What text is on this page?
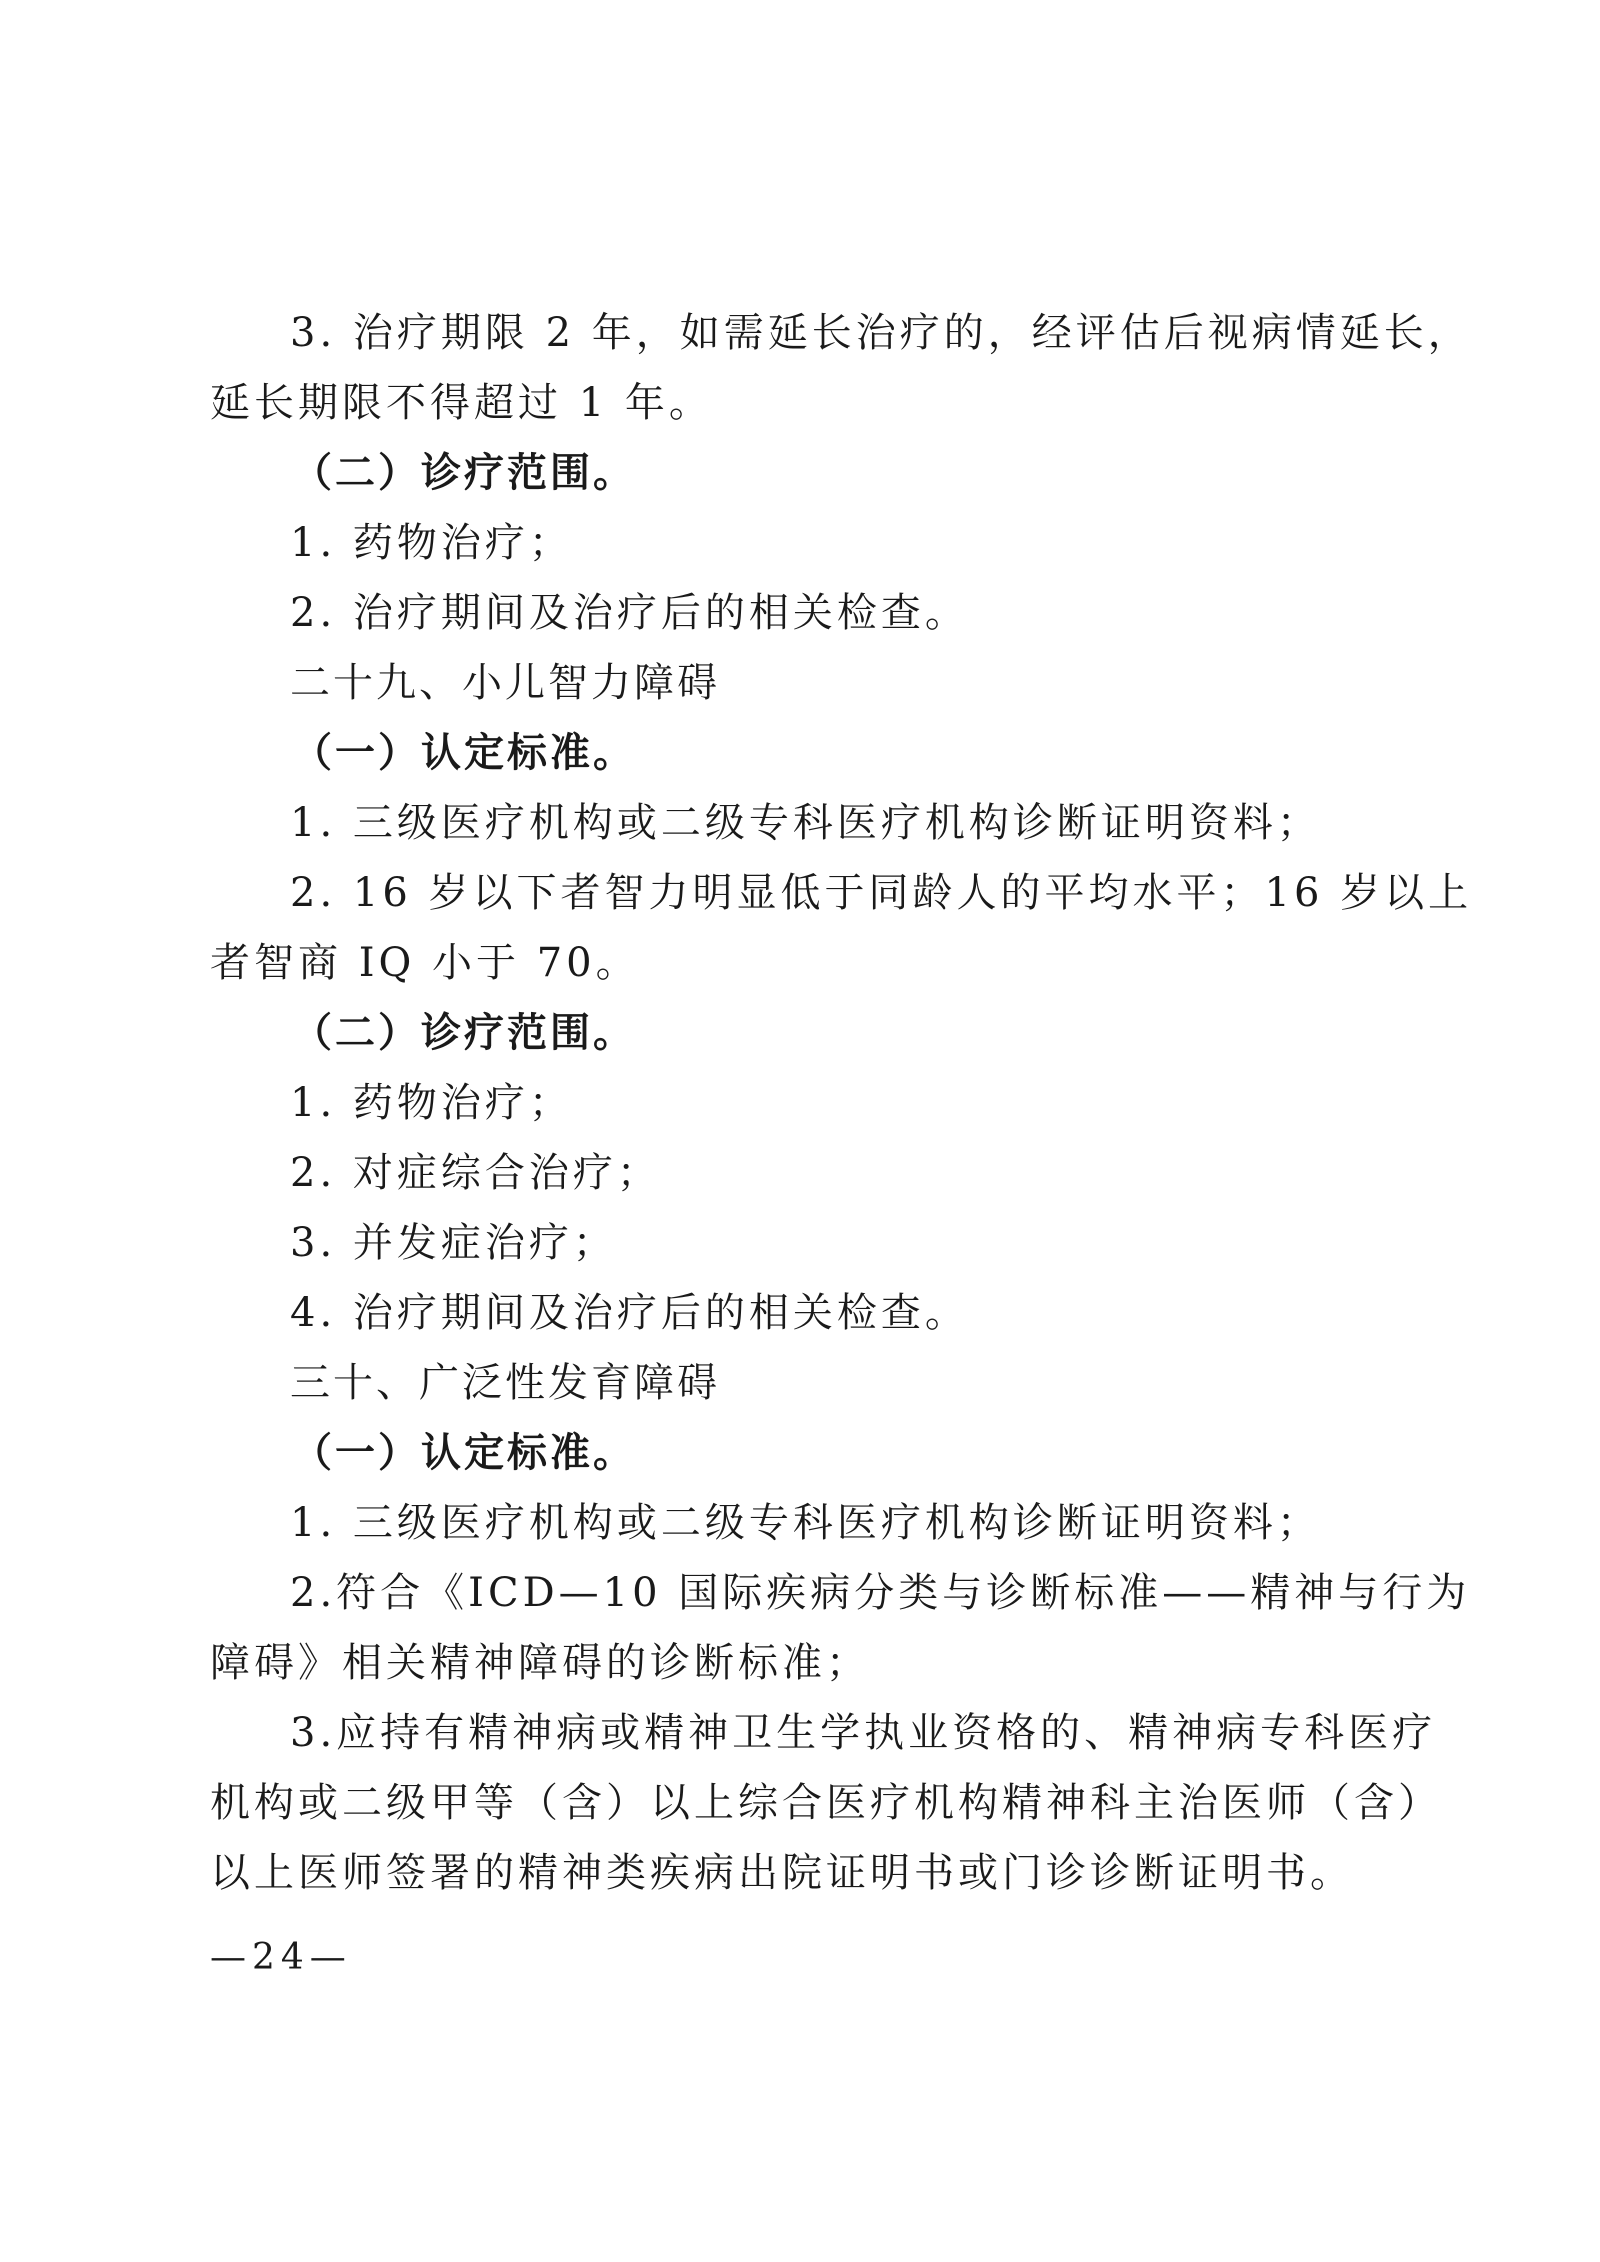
3. 治疗期限 2 年，如需延长治疗的，经评估后视病情延长，
延长期限不得超过 1 年。
（二）诊疗范围。
1. 药物治疗；
2. 治疗期间及治疗后的相关检查。
二十九、小儿智力障碍
（一）认定标准。
1. 三级医疗机构或二级专科医疗机构诊断证明资料；
2. 16 岁以下者智力明显低于同龄人的平均水平；16 岁以上
者智商 IQ 小于 70。
（二）诊疗范围。
1. 药物治疗；
2. 对症综合治疗；
3. 并发症治疗；
4. 治疗期间及治疗后的相关检查。
三十、广泛性发育障碍
（一）认定标准。
1. 三级医疗机构或二级专科医疗机构诊断证明资料；
2.符合《ICD—10 国际疾病分类与诊断标准——精神与行为
障碍》相关精神障碍的诊断标准；
3.应持有精神病或精神卫生学执业资格的、精神病专科医疗
机构或二级甲等（含）以上综合医疗机构精神科主治医师（含）
以上医师签署的精神类疾病出院证明书或门诊诊断证明书。
—24—
